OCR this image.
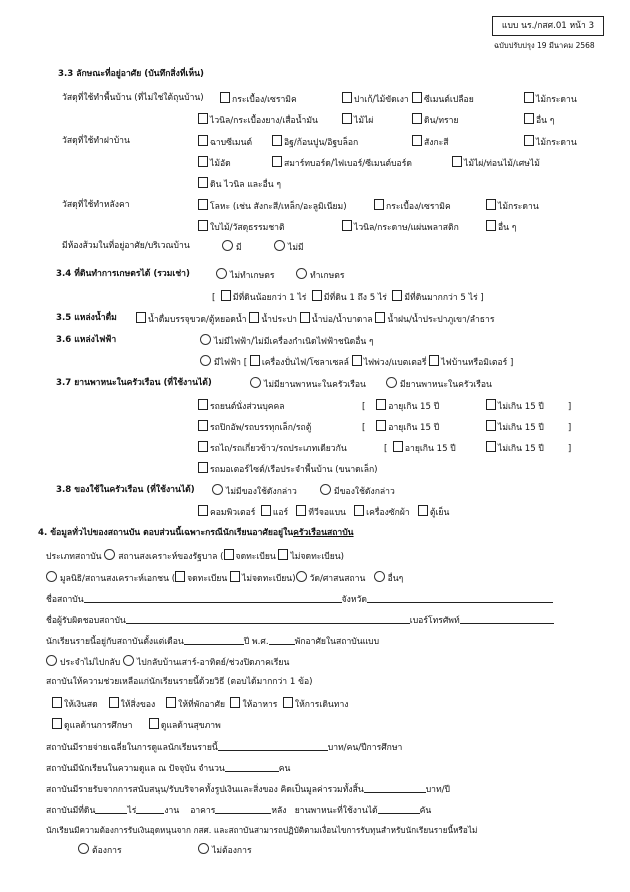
แบบ นร./กสศ.01 หน้า 3
ฉบับปรับปรุง 19 มีนาคม 2568
3.3 ลักษณะที่อยู่อาศัย (บันทึกสิ่งที่เห็น)
วัสดุที่ใช้ทำพื้นบ้าน (ที่ไม่ใช่ใต้ถุนบ้าน)	กระเบื้อง/เซรามิค	ปาเก้/ไม้ขัดเงา	ซีเมนต์เปลือย	ไม้กระดาน
ไวนิล/กระเบื้องยาง/เสื่อน้ำมัน	ไม้ไผ่	ดิน/ทราย	อื่น ๆ
วัสดุที่ใช้ทำฝาบ้าน	ฉาบซีเมนต์	อิฐ/ก้อนปูน/อิฐบล็อก	สังกะสี	ไม้กระดาน
ไม้อัด	สมาร์ทบอร์ด/ไฟเบอร์/ซีเมนต์บอร์ด	ไม้ไผ่/ท่อนไม้/เศษไม้
ดิน ไวนิล และอื่น ๆ
วัสดุที่ใช้ทำหลังคา	โลหะ (เช่น สังกะสี/เหล็ก/อะลูมิเนียม)	กระเบื้อง/เซรามิค	ไม้กระดาน
ใบไม้/วัสดุธรรมชาติ	ไวนิล/กระดาษ/แผ่นพลาสติก	อื่น ๆ
มีห้องส้วมในที่อยู่อาศัย/บริเวณบ้าน	มี	ไม่มี
3.4 ที่ดินทำการเกษตรได้ (รวมเช่า)	ไม่ทำเกษตร	ทำเกษตร
[  มีที่ดินน้อยกว่า 1 ไร่ มีที่ดิน 1 ถึง 5 ไร่ มีที่ดินมากกว่า 5 ไร่ ]
3.5 แหล่งน้ำดื่ม	น้ำดื่มบรรจุขวด/ตู้หยอดน้ำ น้ำประปา น้ำบ่อ/น้ำบาดาล น้ำฝน/น้ำประปาภูเขา/ลำธาร
3.6 แหล่งไฟฟ้า	ไม่มีไฟฟ้า/ไม่มีเครื่องกำเนิดไฟฟ้าชนิดอื่น ๆ
มีไฟฟ้า [ เครื่องปั่นไฟ/โซลาเซลล์ ไฟพ่วง/แบตเตอรี่ ไฟบ้านหรือมิเตอร์ ]
3.7 ยานพาหนะในครัวเรือน (ที่ใช้งานได้)	ไม่มียานพาหนะในครัวเรือน	มียานพาหนะในครัวเรือน
รถยนต์นั่งส่วนบุคคล	[    อายุเกิน 15 ปี	ไม่เกิน 15 ปี	]
รถปิกอัพ/รถบรรทุกเล็ก/รถตู้	[    อายุเกิน 15 ปี	ไม่เกิน 15 ปี	]
รถไถ/รถเกี่ยวข้าว/รถประเภทเดียวกัน	[  อายุเกิน 15 ปี	ไม่เกิน 15 ปี	]
รถมอเตอร์ไซต์/เรือประจำพื้นบ้าน (ขนาดเล็ก)
3.8 ของใช้ในครัวเรือน (ที่ใช้งานได้)	ไม่มีของใช้ดังกล่าว	มีของใช้ดังกล่าว
คอมพิวเตอร์ แอร์ ทีวีจอแบน เครื่องซักผ้า ตู้เย็น
4. ข้อมูลทั่วไปของสถานบัน ตอบส่วนนี้เฉพาะกรณีนักเรียนอาศัยอยู่ในครัวเรือนสถาบัน
ประเภทสถาบัน สถานสงเคราะห์ของรัฐบาล ( จดทะเบียน ไม่จดทะเบียน)
มูลนิธิ/สถานสงเคราะห์เอกชน ( จดทะเบียน ไม่จดทะเบียน) วัด/ศาสนสถาน	อื่นๆ
ชื่อสถาบัน	จังหวัด
ชื่อผู้รับผิดชอบสถาบัน	เบอร์โทรศัพท์
นักเรียนรายนี้อยู่กับสถาบันตั้งแต่เดือน	ปี พ.ศ.	พักอาศัยในสถาบันแบบ
ประจำไม่ไปกลับ ไปกลับบ้านเสาร์-อาทิตย์/ช่วงปิดภาคเรียน
สถาบันให้ความช่วยเหลือแก่นักเรียนรายนี้ด้วยวิธี (ตอบได้มากกว่า 1 ข้อ)
ให้เงินสด	ให้สิ่งของ	ให้ที่พักอาศัย ให้อาหาร ให้การเดินทาง
ดูแลด้านการศึกษา	ดูแลด้านสุขภาพ
สถาบันมีรายจ่ายเฉลี่ยในการดูแลนักเรียนรายนี้	บาท/คน/ปีการศึกษา
สถาบันมีนักเรียนในความดูแล ณ ปัจจุบัน จำนวน	คน
สถาบันมีรายรับจากการสนับสนุน/รับบริจาคทั้งรูปเงินและสิ่งของ คิดเป็นมูลค่ารวมทั้งสิ้น	บาท/ปี
สถาบันมีที่ดิน	ไร่	งาน อาคาร	หลัง ยานพาหนะที่ใช้งานได้	คัน
นักเรียนมีความต้องการรับเงินอุดหนุนจาก กสศ. และสถาบันสามารถปฏิบัติตามเงื่อนไขการรับทุนสำหรับนักเรียนรายนี้หรือไม่
ต้องการ	ไม่ต้องการ
